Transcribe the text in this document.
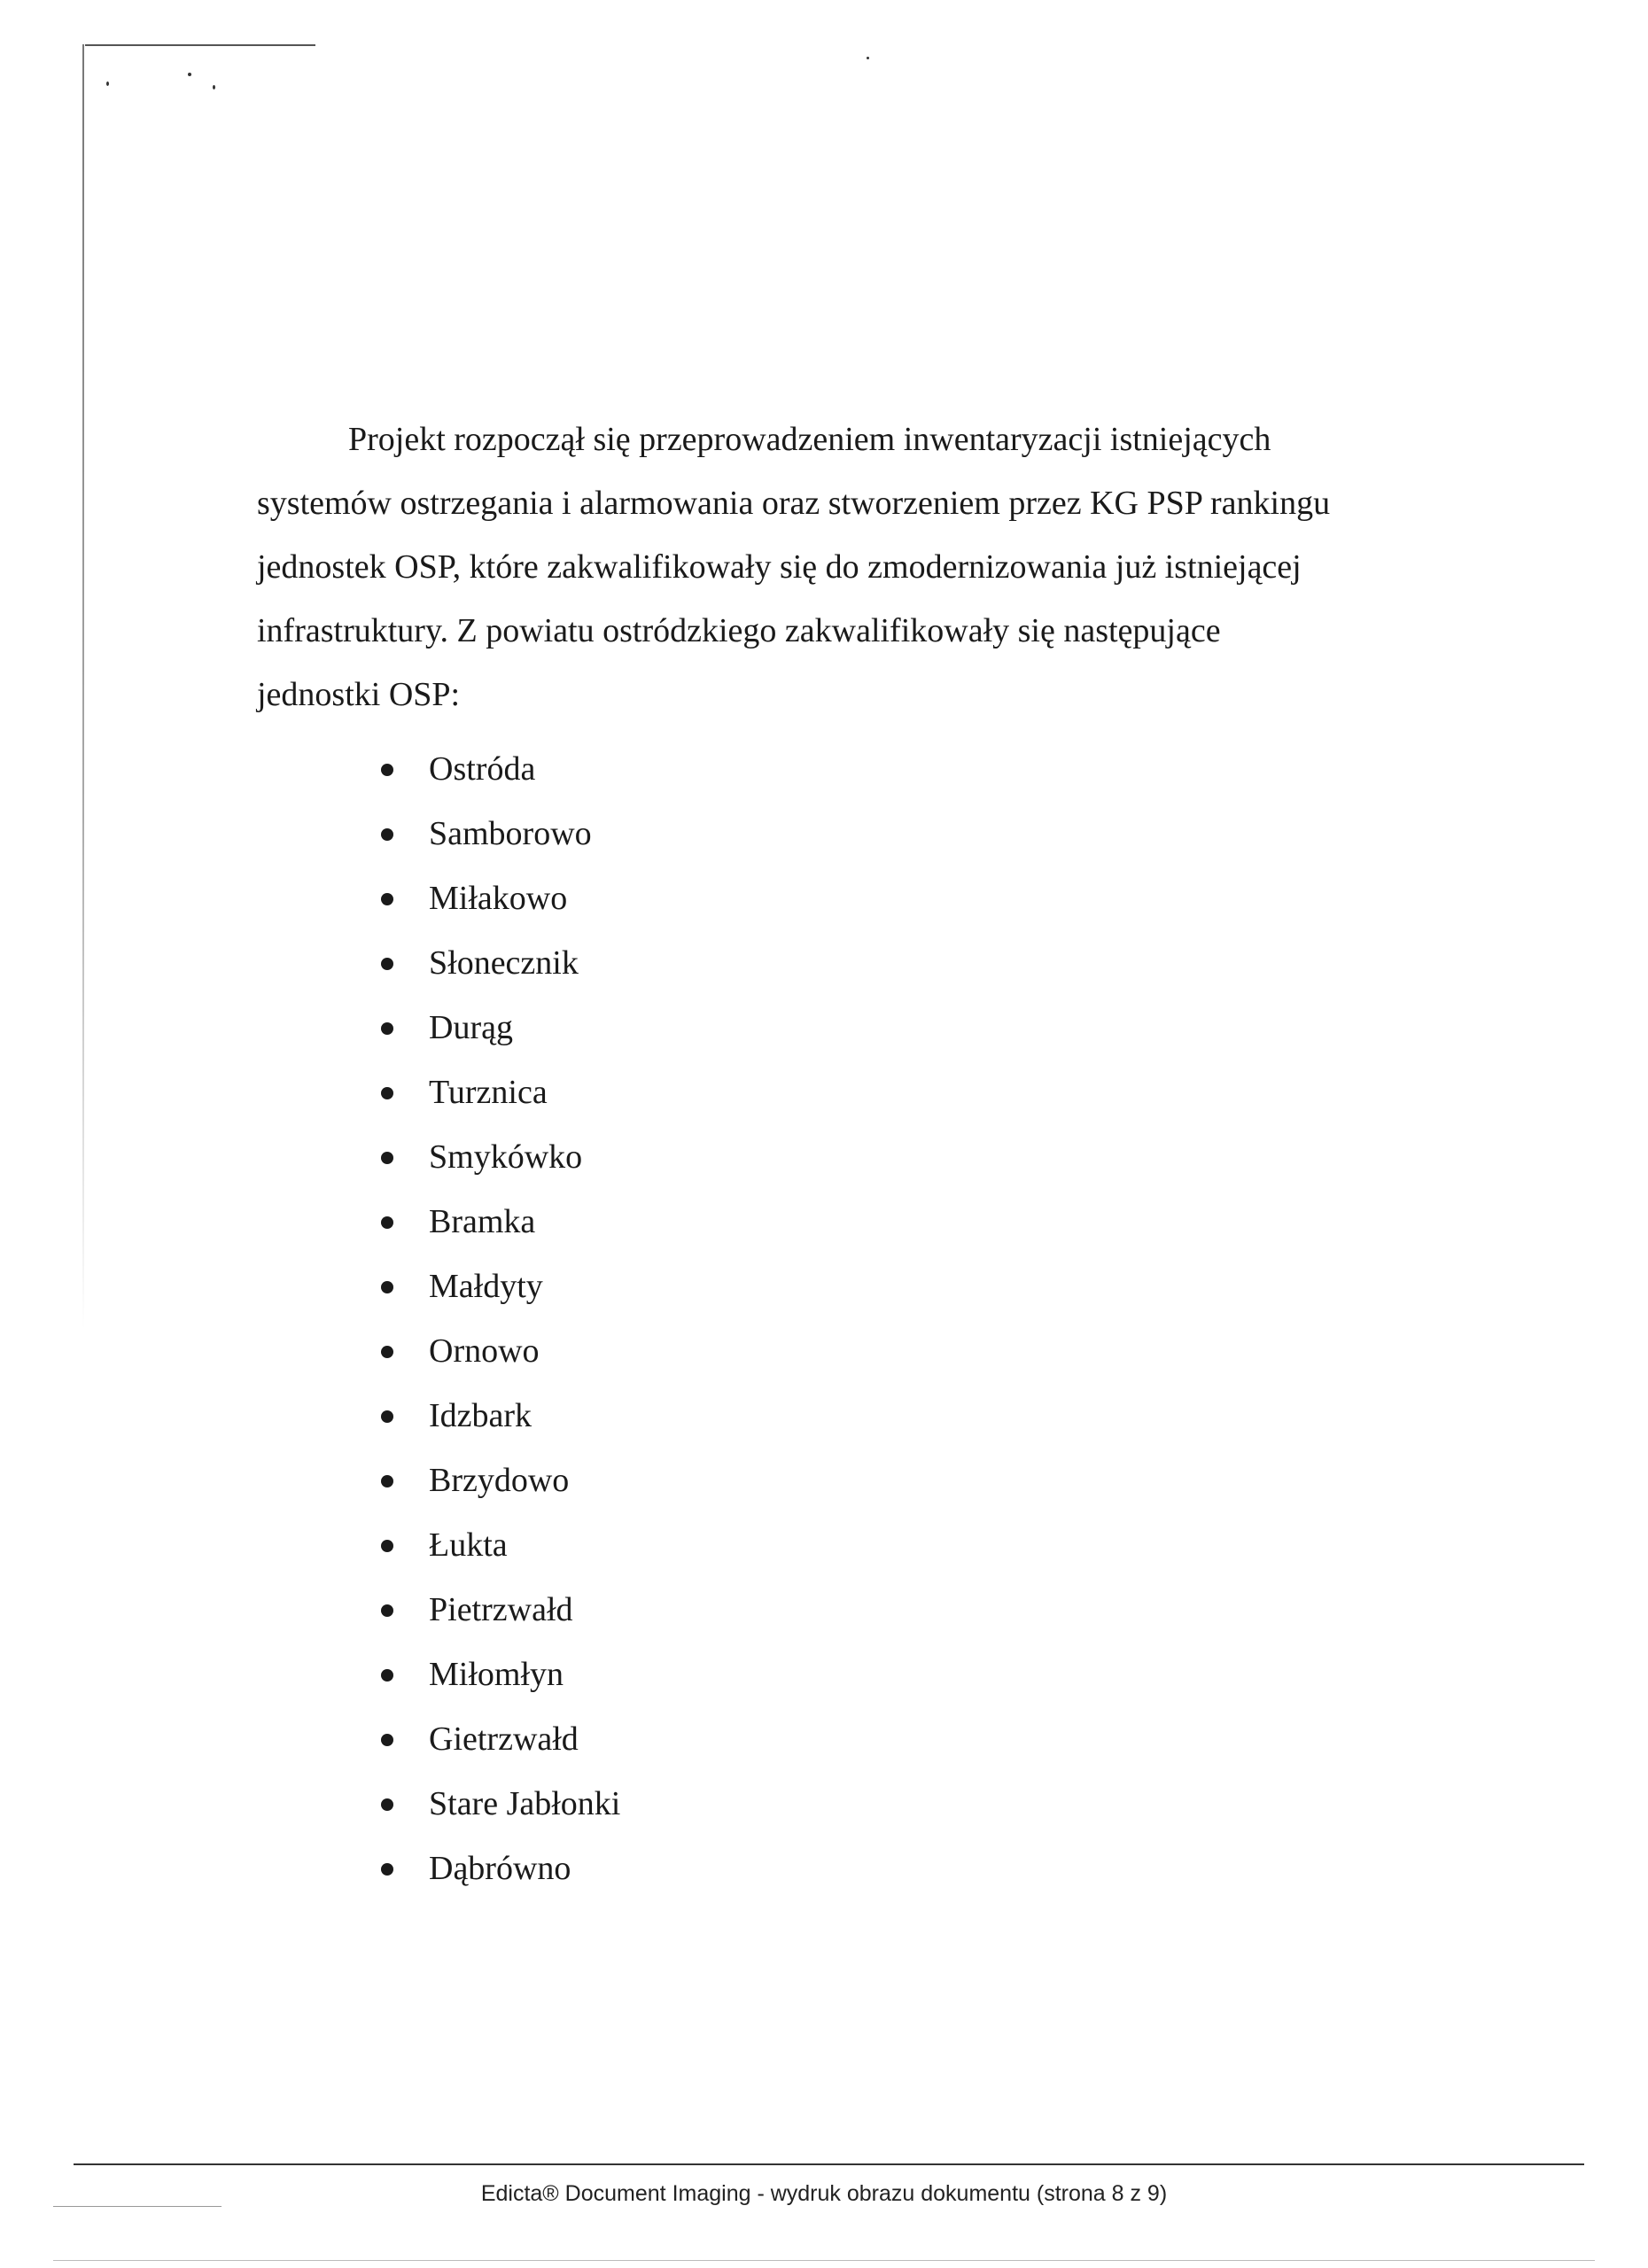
Projekt rozpoczął się przeprowadzeniem inwentaryzacji istniejących
systemów ostrzegania i alarmowania oraz stworzeniem przez KG PSP rankingu
jednostek OSP, które zakwalifikowały się do zmodernizowania już istniejącej
infrastruktury. Z powiatu ostródzkiego zakwalifikowały się następujące
jednostki OSP:
Ostróda
Samborowo
Miłakowo
Słonecznik
Durąg
Turznica
Smykówko
Bramka
Małdyty
Ornowo
Idzbark
Brzydowo
Łukta
Pietrzwałd
Miłomłyn
Gietrzwałd
Stare Jabłonki
Dąbrówno
Edicta® Document Imaging - wydruk obrazu dokumentu (strona 8 z 9)
